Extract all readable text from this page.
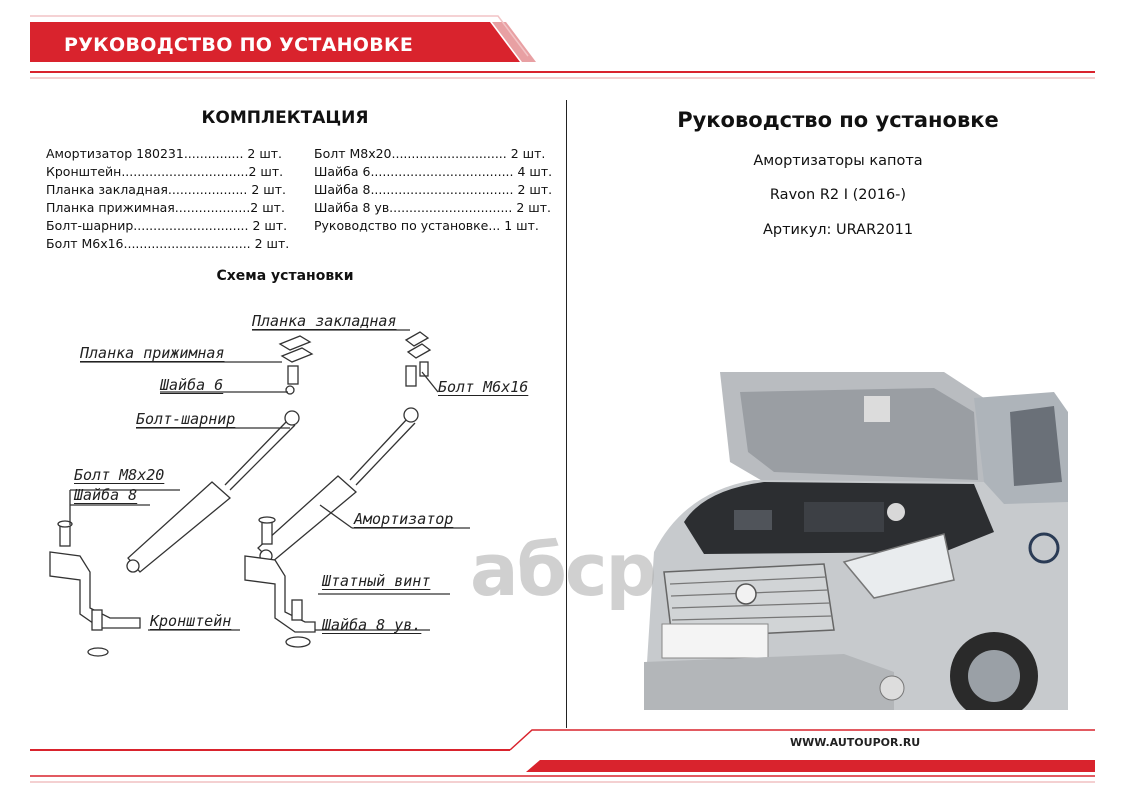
РУКОВОДСТВО ПО УСТАНОВКЕ
КОМПЛЕКТАЦИЯ
Амортизатор 180231............... 2 шт.
Кронштейн................................2 шт.
Планка закладная.................... 2 шт.
Планка прижимная...................2 шт.
Болт-шарнир............................. 2 шт.
Болт М6х16................................ 2 шт.
Болт М8х20............................. 2 шт.
Шайба 6.................................... 4 шт.
Шайба 8.................................... 2 шт.
Шайба 8 ув............................... 2 шт.
Руководство по установке... 1 шт.
Схема установки
Планка закладная
Планка прижимная
Шайба 6	Болт М6х16
Болт-шарнир
Болт М8х20
Шайба 8
Амортизатор
Штатный винт
Кронштейн	Шайба 8 ув.
Руководство по установке
Амортизаторы капота
Ravon R2 I (2016-)
Артикул: URAR2011
aбcp
WWW.AUTOUPOR.RU
